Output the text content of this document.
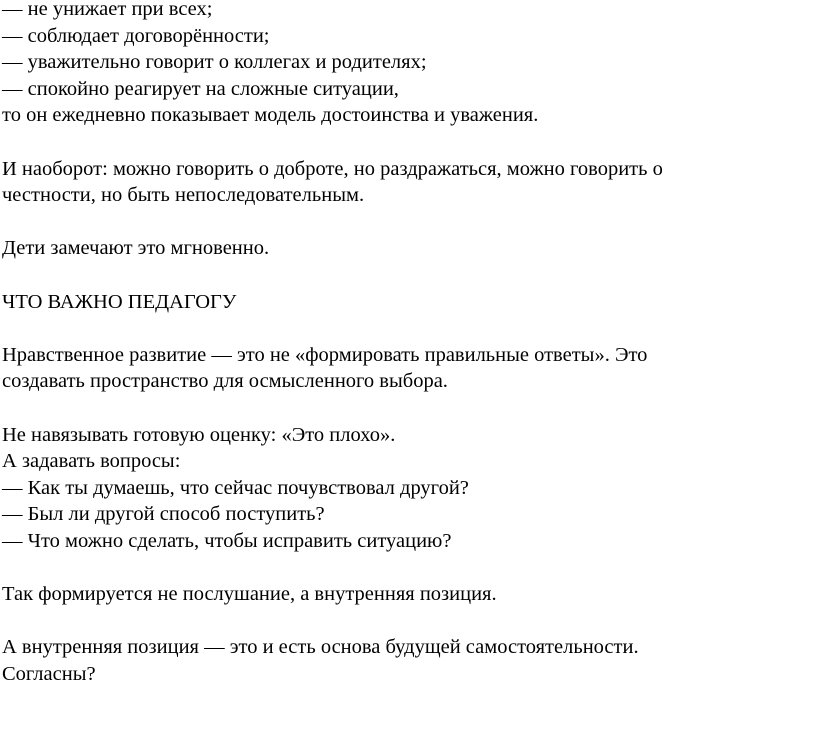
— не унижает при всех;
— соблюдает договорённости;
— уважительно говорит о коллегах и родителях;
— спокойно реагирует на сложные ситуации,
то он ежедневно показывает модель достоинства и уважения.
И наоборот: можно говорить о доброте, но раздражаться, можно говорить о
честности, но быть непоследовательным.
Дети замечают это мгновенно.
ЧТО ВАЖНО ПЕДАГОГУ
Нравственное развитие — это не «формировать правильные ответы». Это
создавать пространство для осмысленного выбора.
Не навязывать готовую оценку: «Это плохо».
А задавать вопросы:
— Как ты думаешь, что сейчас почувствовал другой?
— Был ли другой способ поступить?
— Что можно сделать, чтобы исправить ситуацию?
Так формируется не послушание, а внутренняя позиция.
А внутренняя позиция — это и есть основа будущей самостоятельности.
Согласны?
